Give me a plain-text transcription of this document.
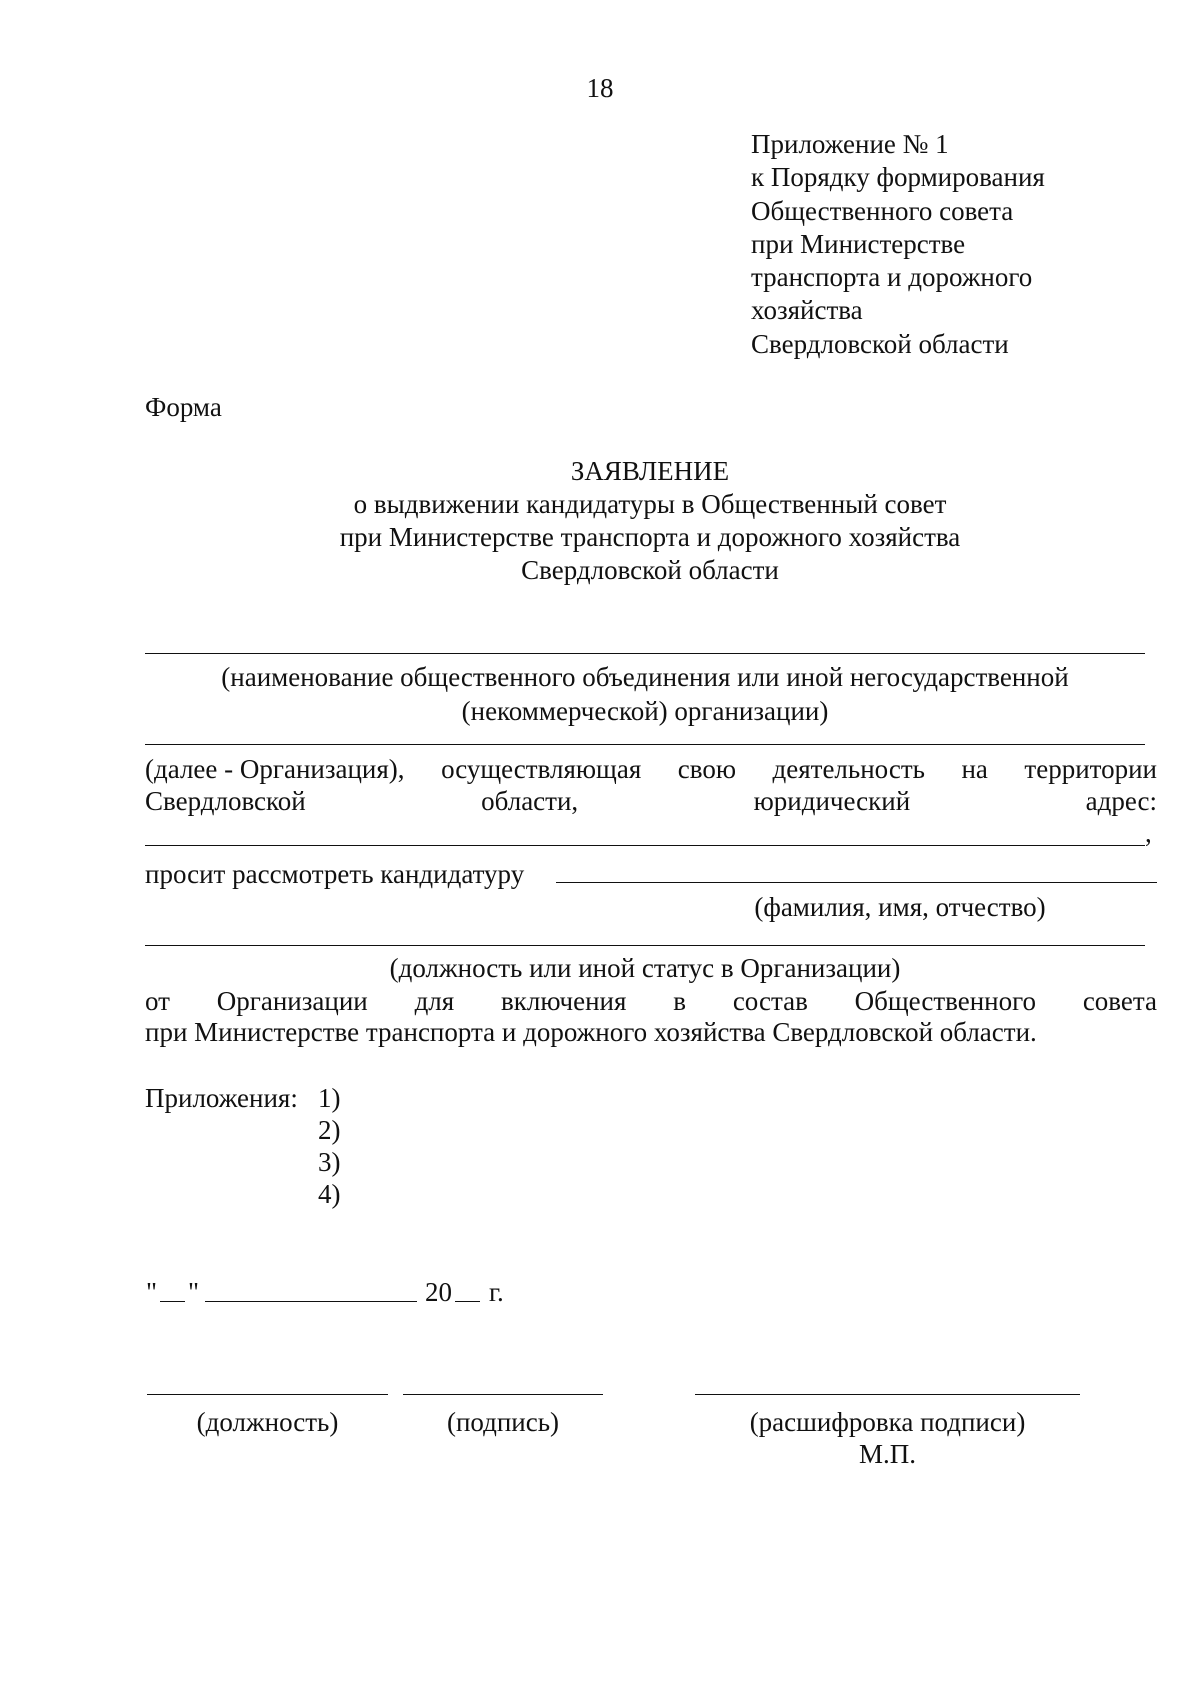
18
Приложение № 1
к Порядку формирования
Общественного совета
при Министерстве
транспорта и дорожного
хозяйства
Свердловской области
Форма
ЗАЯВЛЕНИЕ
о выдвижении кандидатуры в Общественный совет
при Министерстве транспорта и дорожного хозяйства
Свердловской области
(наименование общественного объединения или иной негосударственной
(некоммерческой) организации)
(далее - Организация), осуществляющая свою деятельность на территории
Свердловской	области,	юридический	адрес:
,
просит рассмотреть кандидатуру
(фамилия, имя, отчество)
(должность или иной статус в Организации)
от Организации для включения в состав Общественного совета
при Министерстве транспорта и дорожного хозяйства Свердловской области.
Приложения: 1)
2)
3)
4)
" "	20 г.
(должность)	(подпись)	(расшифровка подписи)
М.П.
